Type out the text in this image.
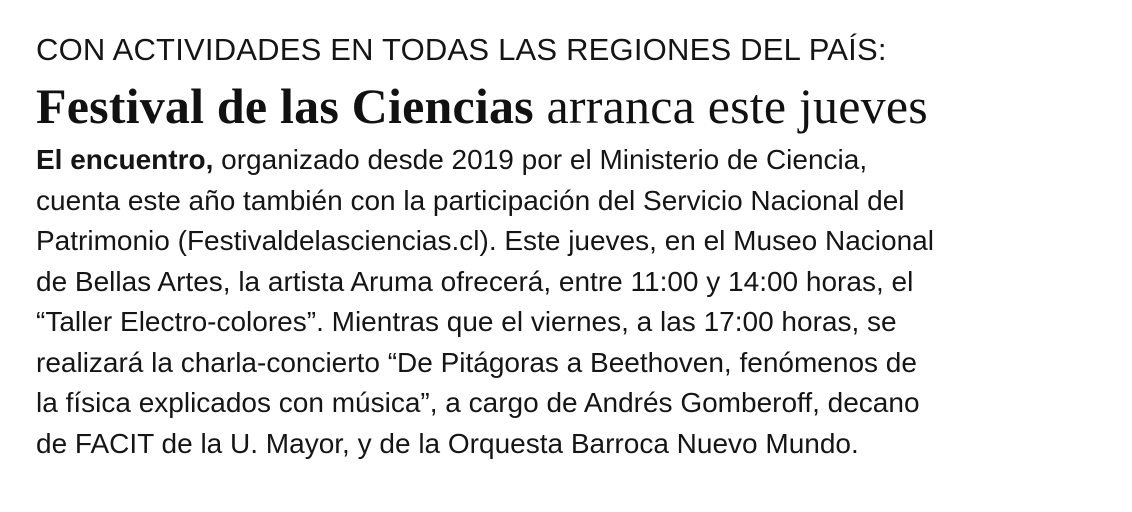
CON ACTIVIDADES EN TODAS LAS REGIONES DEL PAÍS:

Festival de las Ciencias arranca este jueves
El encuentro, organizado desde 2019 por el Ministerio de Ciencia,
cuenta este año también con la participación del Servicio Nacional del
Patrimonio (Festivaldelasciencias.cl). Este jueves, en el Museo Nacional
de Bellas Artes, la artista Aruma ofrecerá, entre 11:00 y 14:00 horas, el
“Taller Electro-colores”. Mientras que el viernes, a las 17:00 horas, se
realizará la charla-concierto “De Pitágoras a Beethoven, fenómenos de
la física explicados con música”, a cargo de Andrés Gomberoff, decano
de FACIT de la U. Mayor, y de la Orquesta Barroca Nuevo Mundo.
